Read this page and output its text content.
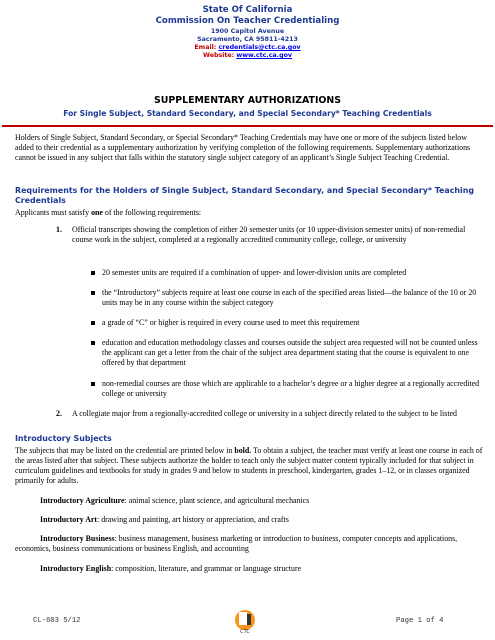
State Of California
Commission On Teacher Credentialing
1900 Capitol Avenue
Sacramento, CA 95811-4213
Email: credentials@ctc.ca.gov
Website: www.ctc.ca.gov
SUPPLEMENTARY AUTHORIZATIONS
For Single Subject, Standard Secondary, and Special Secondary* Teaching Credentials
Holders of Single Subject, Standard Secondary, or Special Secondary* Teaching Credentials may have one or more of the subjects listed below added to their credential as a supplementary authorization by verifying completion of the following requirements. Supplementary authorizations cannot be issued in any subject that falls within the statutory single subject category of an applicant’s Single Subject Teaching Credential.
Requirements for the Holders of Single Subject, Standard Secondary, and Special Secondary* Teaching Credentials
Applicants must satisfy one of the following requirements:
1. Official transcripts showing the completion of either 20 semester units (or 10 upper-division semester units) of non-remedial course work in the subject, completed at a regionally accredited community college, college, or university
20 semester units are required if a combination of upper- and lower-division units are completed
the “Introductory” subjects require at least one course in each of the specified areas listed—the balance of the 10 or 20 units may be in any course within the subject category
a grade of “C” or higher is required in every course used to meet this requirement
education and education methodology classes and courses outside the subject area requested will not be counted unless the applicant can get a letter from the chair of the subject area department stating that the course is equivalent to one offered by that department
non-remedial courses are those which are applicable to a bachelor’s degree or a higher degree at a regionally accredited college or university
2. A collegiate major from a regionally-accredited college or university in a subject directly related to the subject to be listed
Introductory Subjects
The subjects that may be listed on the credential are printed below in bold. To obtain a subject, the teacher must verify at least one course in each of the areas listed after that subject. These subjects authorize the holder to teach only the subject matter content typically included for that subject in curriculum guidelines and textbooks for study in grades 9 and below to students in preschool, kindergarten, grades 1–12, or in classes organized primarily for adults.
Introductory Agriculture: animal science, plant science, and agricultural mechanics
Introductory Art: drawing and painting, art history or appreciation, and crafts
Introductory Business: business management, business marketing or introduction to business, computer concepts and applications, economics, business communications or business English, and accounting
Introductory English: composition, literature, and grammar or language structure
CL-603 5/12	Page 1 of 4
CTC
